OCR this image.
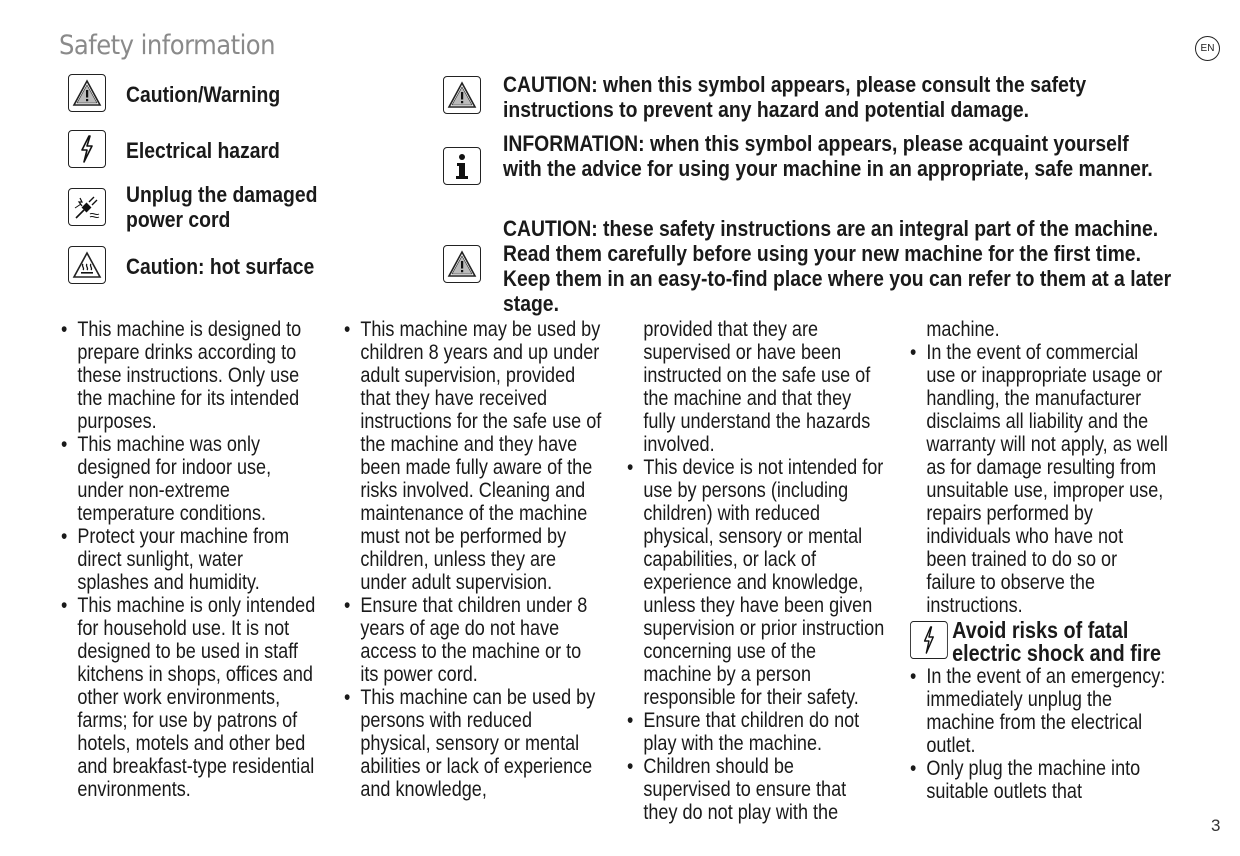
Safety information	EN
Caution/Warning
Electrical hazard
Unplug the damaged
power cord
Caution: hot surface
CAUTION: when this symbol appears, please consult the safety instructions to prevent any hazard and potential damage.
INFORMATION: when this symbol appears, please acquaint yourself with the advice for using your machine in an appropriate, safe manner.
CAUTION: these safety instructions are an integral part of the machine. Read them carefully before using your new machine for the first time. Keep them in an easy-to-find place where you can refer to them at a later stage.

• This machine is designed to prepare drinks according to these instructions. Only use the machine for its intended purposes.

• This machine was only designed for indoor use, under non-extreme temperature conditions.

• Protect your machine from direct sunlight, water splashes and humidity.

• This machine is only intended for household use. It is not designed to be used in staff kitchens in shops, offices and other work environments, farms; for use by patrons of hotels, motels and other bed and breakfast-type residential environments.

• This machine may be used by children 8 years and up under adult supervision, provided that they have received instructions for the safe use of the machine and they have been made fully aware of the risks involved. Cleaning and maintenance of the machine must not be performed by children, unless they are under adult supervision.

• Ensure that children under 8 years of age do not have access to the machine or to its power cord.

• This machine can be used by persons with reduced physical, sensory or mental abilities or lack of experience and knowledge,

provided that they are supervised or have been instructed on the safe use of the machine and that they fully understand the hazards involved.

• This device is not intended for use by persons (including children) with reduced physical, sensory or mental capabilities, or lack of experience and knowledge, unless they have been given supervision or prior instruction concerning use of the machine by a person responsible for their safety.

• Ensure that children do not play with the machine.

• Children should be supervised to ensure that they do not play with the

machine.

• In the event of commercial use or inappropriate usage or handling, the manufacturer disclaims all liability and the warranty will not apply, as well as for damage resulting from unsuitable use, improper use, repairs performed by individuals who have not been trained to do so or failure to observe the instructions.

Avoid risks of fatal electric shock and fire

• In the event of an emergency: immediately unplug the machine from the electrical outlet.

• Only plug the machine into suitable outlets that

3
